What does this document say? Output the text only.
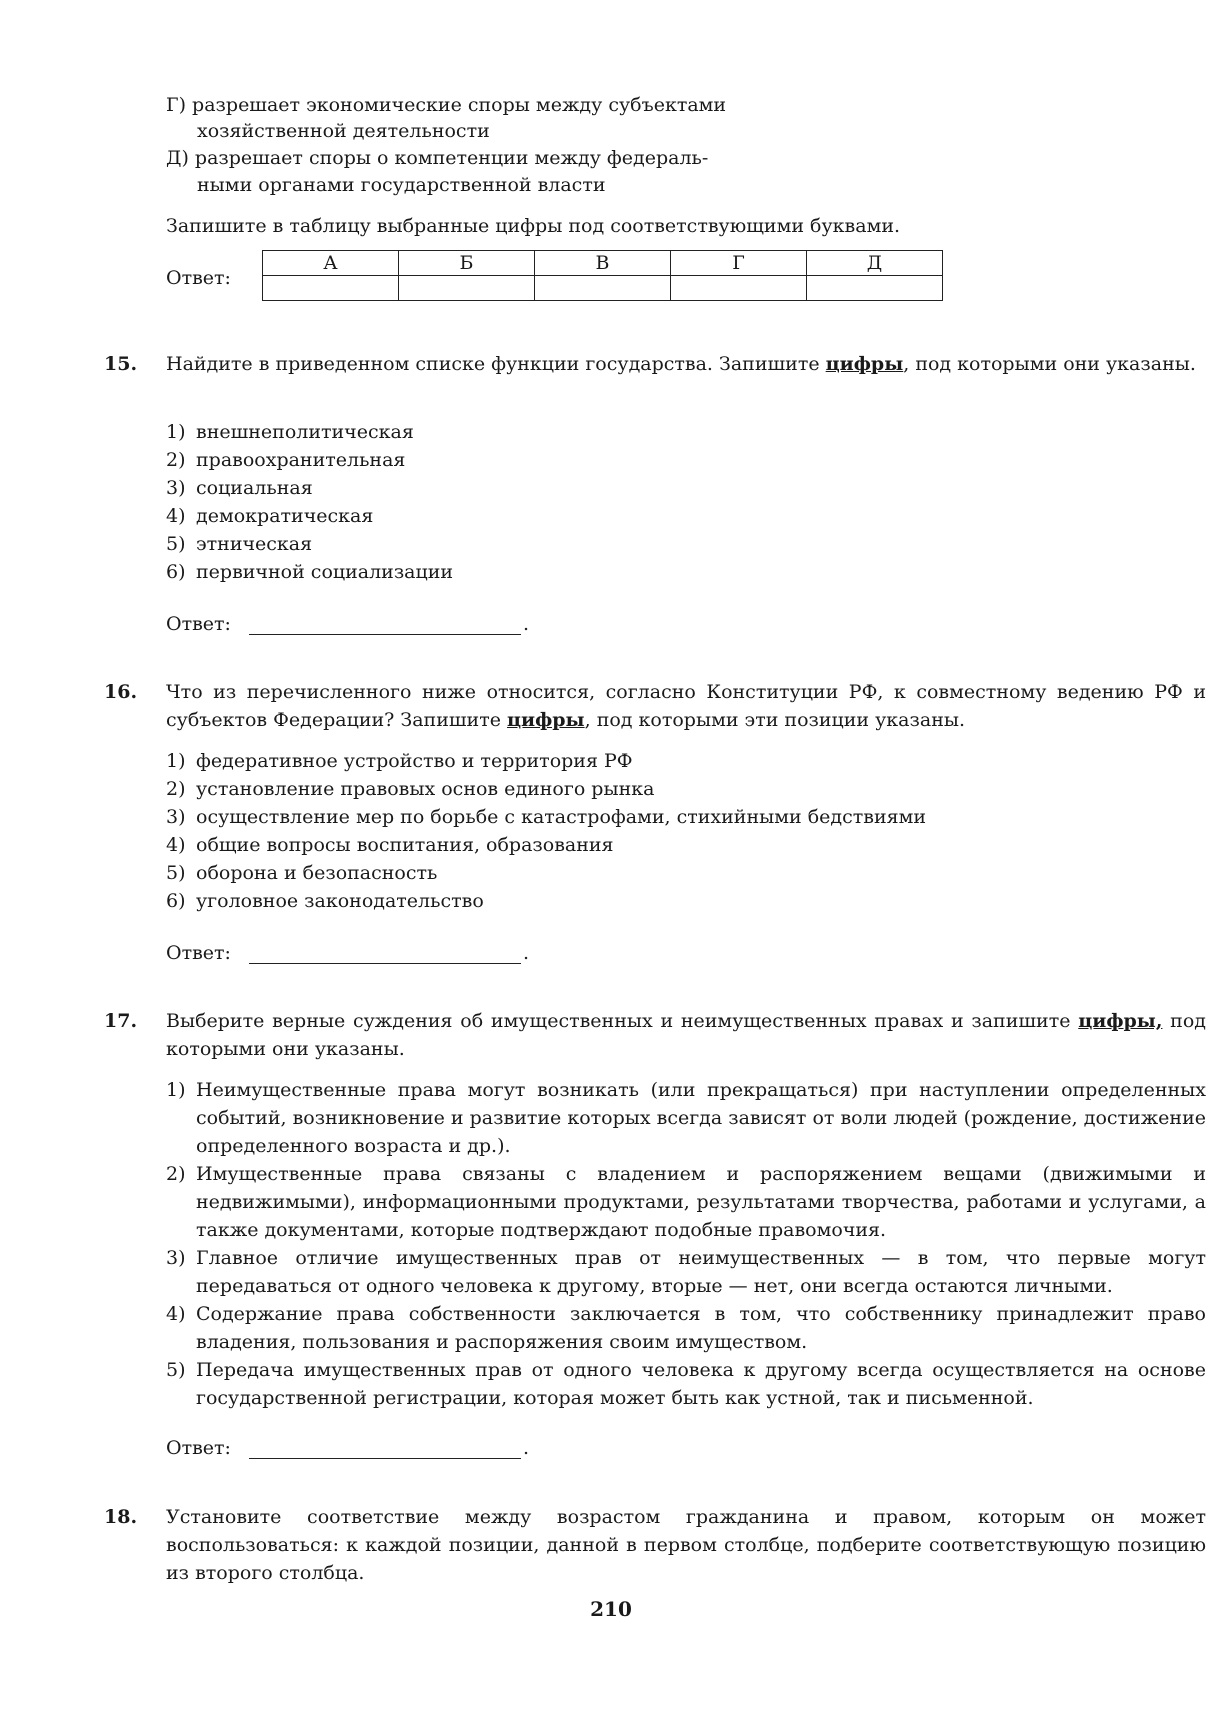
Г) разрешает экономические споры между субъектами
хозяйственной деятельности
Д) разрешает споры о компетенции между федераль-
ными органами государственной власти
Запишите в таблицу выбранные цифры под соответствующими буквами.
Ответ:
А	Б	В	Г	Д

15. Найдите в приведенном списке функции государства. Запишите цифры, под которыми они указаны.
1) внешнеполитическая
2) правоохранительная
3) социальная
4) демократическая
5) этническая
6) первичной социализации
Ответ:	.
16. Что из перечисленного ниже относится, согласно Конституции РФ, к совместному ведению РФ и субъектов Федерации? Запишите цифры, под которыми эти позиции указаны.
1) федеративное устройство и территория РФ
2) установление правовых основ единого рынка
3) осуществление мер по борьбе с катастрофами, стихийными бедствиями
4) общие вопросы воспитания, образования
5) оборона и безопасность
6) уголовное законодательство
Ответ:	.
17. Выберите верные суждения об имущественных и неимущественных правах и запишите цифры, под которыми они указаны.
1) Неимущественные права могут возникать (или прекращаться) при наступлении определенных событий, возникновение и развитие которых всегда зависят от воли людей (рождение, достижение определенного возраста и др.).
2) Имущественные права связаны с владением и распоряжением вещами (движимыми и недвижимыми), информационными продуктами, результатами творчества, работами и услугами, а также документами, которые подтверждают подобные правомочия.
3) Главное отличие имущественных прав от неимущественных — в том, что первые могут передаваться от одного человека к другому, вторые — нет, они всегда остаются личными.
4) Содержание права собственности заключается в том, что собственнику принадлежит право владения, пользования и распоряжения своим имуществом.
5) Передача имущественных прав от одного человека к другому всегда осуществляется на основе государственной регистрации, которая может быть как устной, так и письменной.
Ответ:	.
18. Установите соответствие между возрастом гражданина и правом, которым он может воспользоваться: к каждой позиции, данной в первом столбце, подберите соответствующую позицию из второго столбца.
210
